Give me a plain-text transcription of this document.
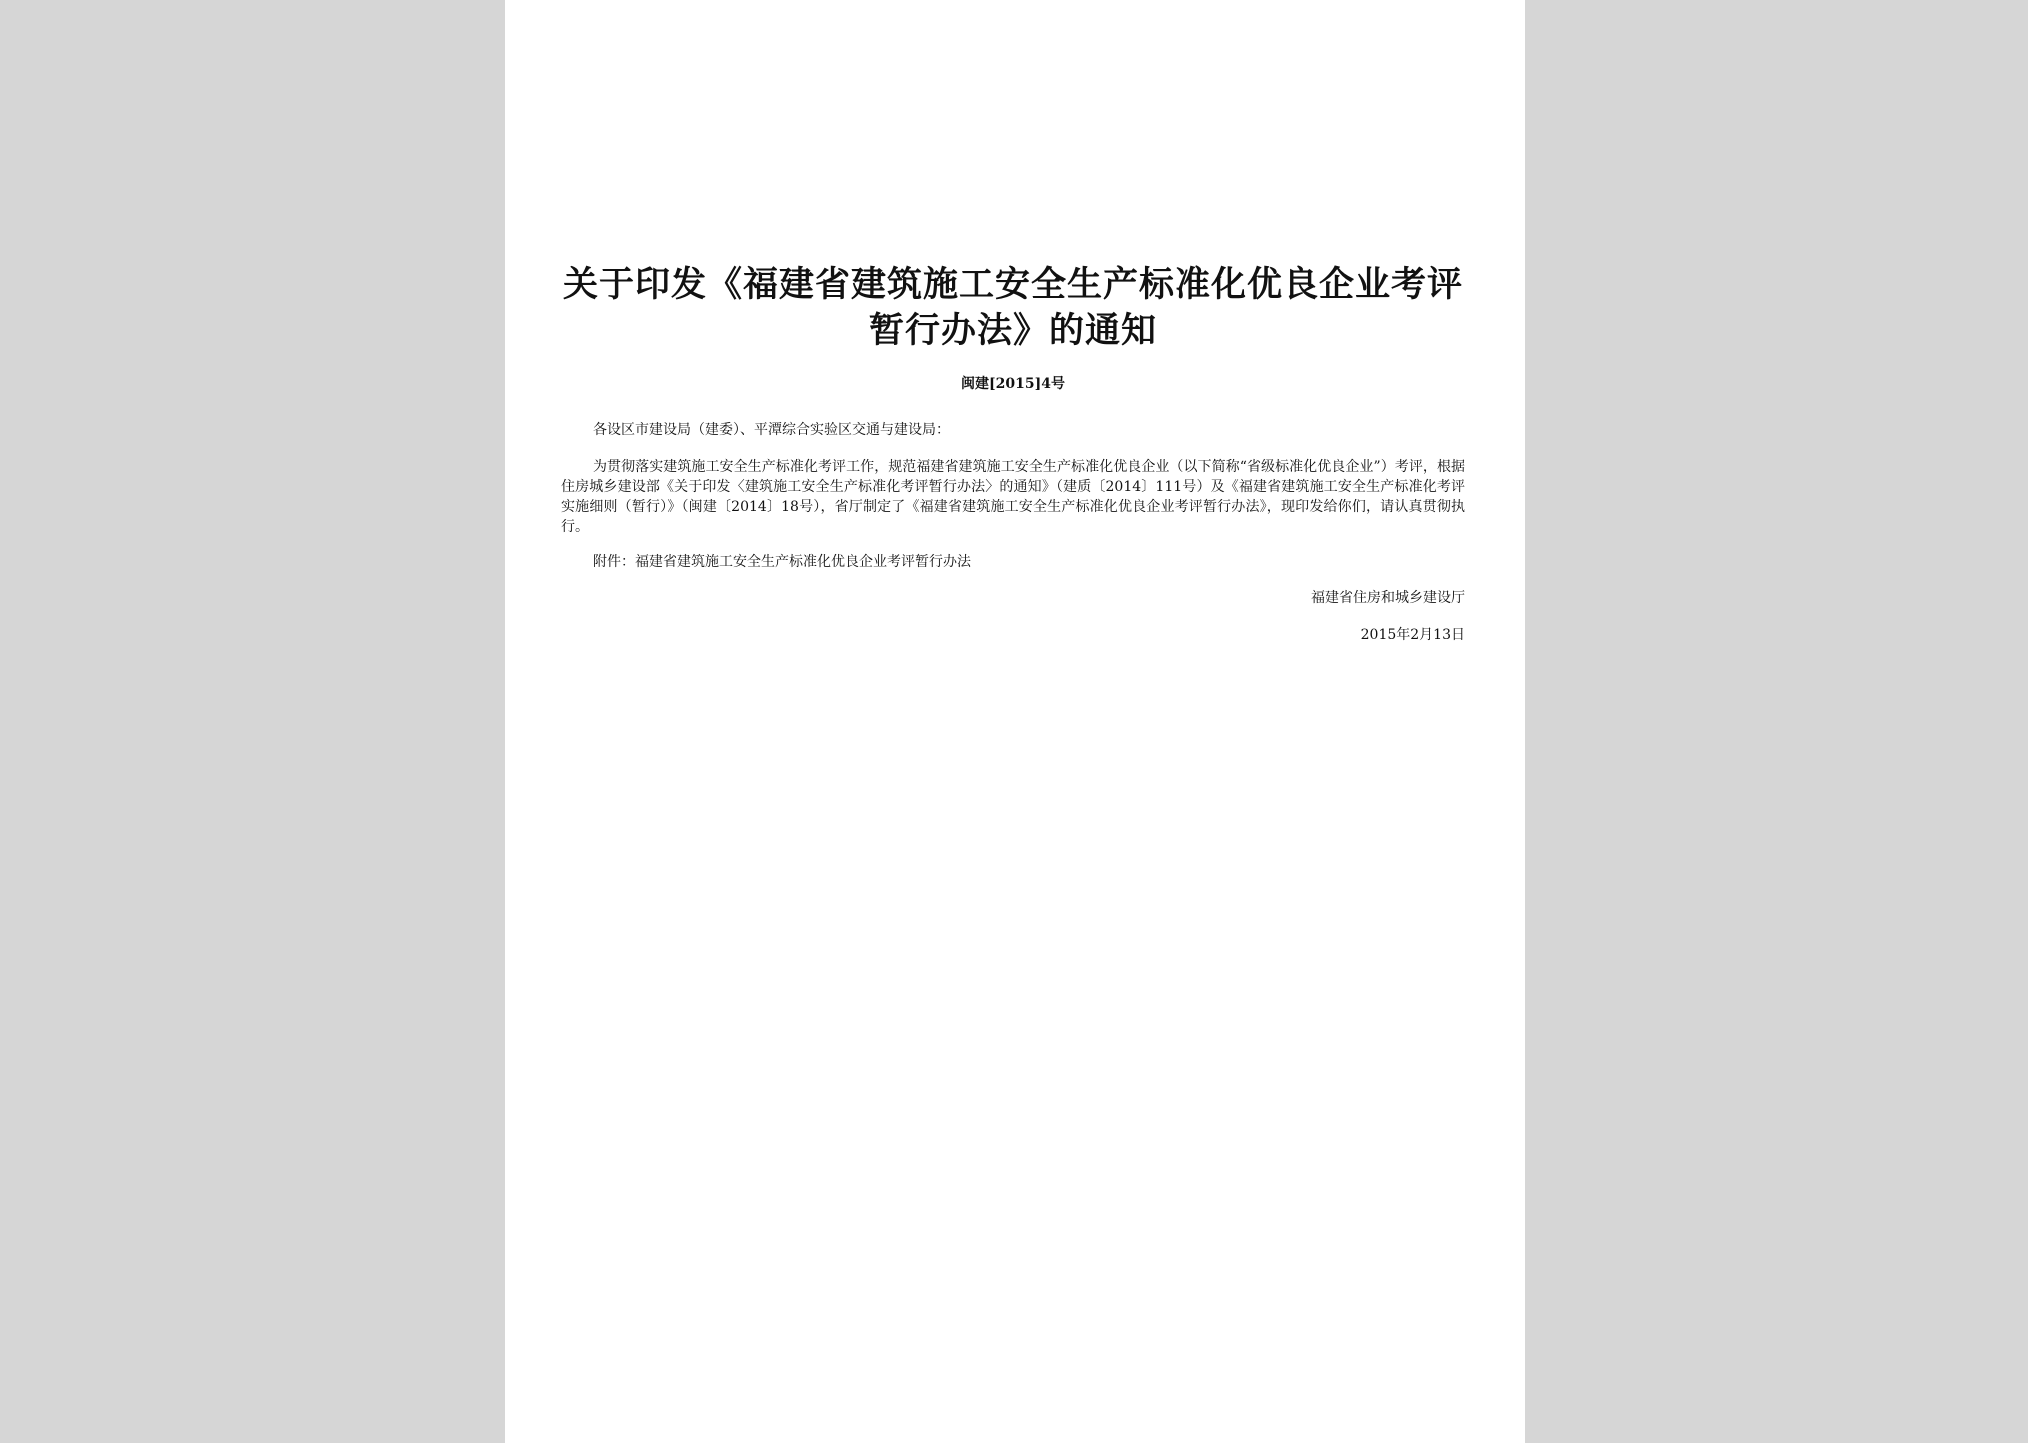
关于印发《福建省建筑施工安全生产标准化优良企业考评暂行办法》的通知

闽建[2015]4号

各设区市建设局（建委）、平潭综合实验区交通与建设局：

为贯彻落实建筑施工安全生产标准化考评工作，规范福建省建筑施工安全生产标准化优良企业（以下简称“省级标准化优良企业”）考评，根据住房城乡建设部《关于印发〈建筑施工安全生产标准化考评暂行办法〉的通知》（建质〔2014〕111号）及《福建省建筑施工安全生产标准化考评实施细则（暂行）》（闽建〔2014〕18号），省厅制定了《福建省建筑施工安全生产标准化优良企业考评暂行办法》，现印发给你们，请认真贯彻执行。

附件：福建省建筑施工安全生产标准化优良企业考评暂行办法

福建省住房和城乡建设厅

2015年2月13日
